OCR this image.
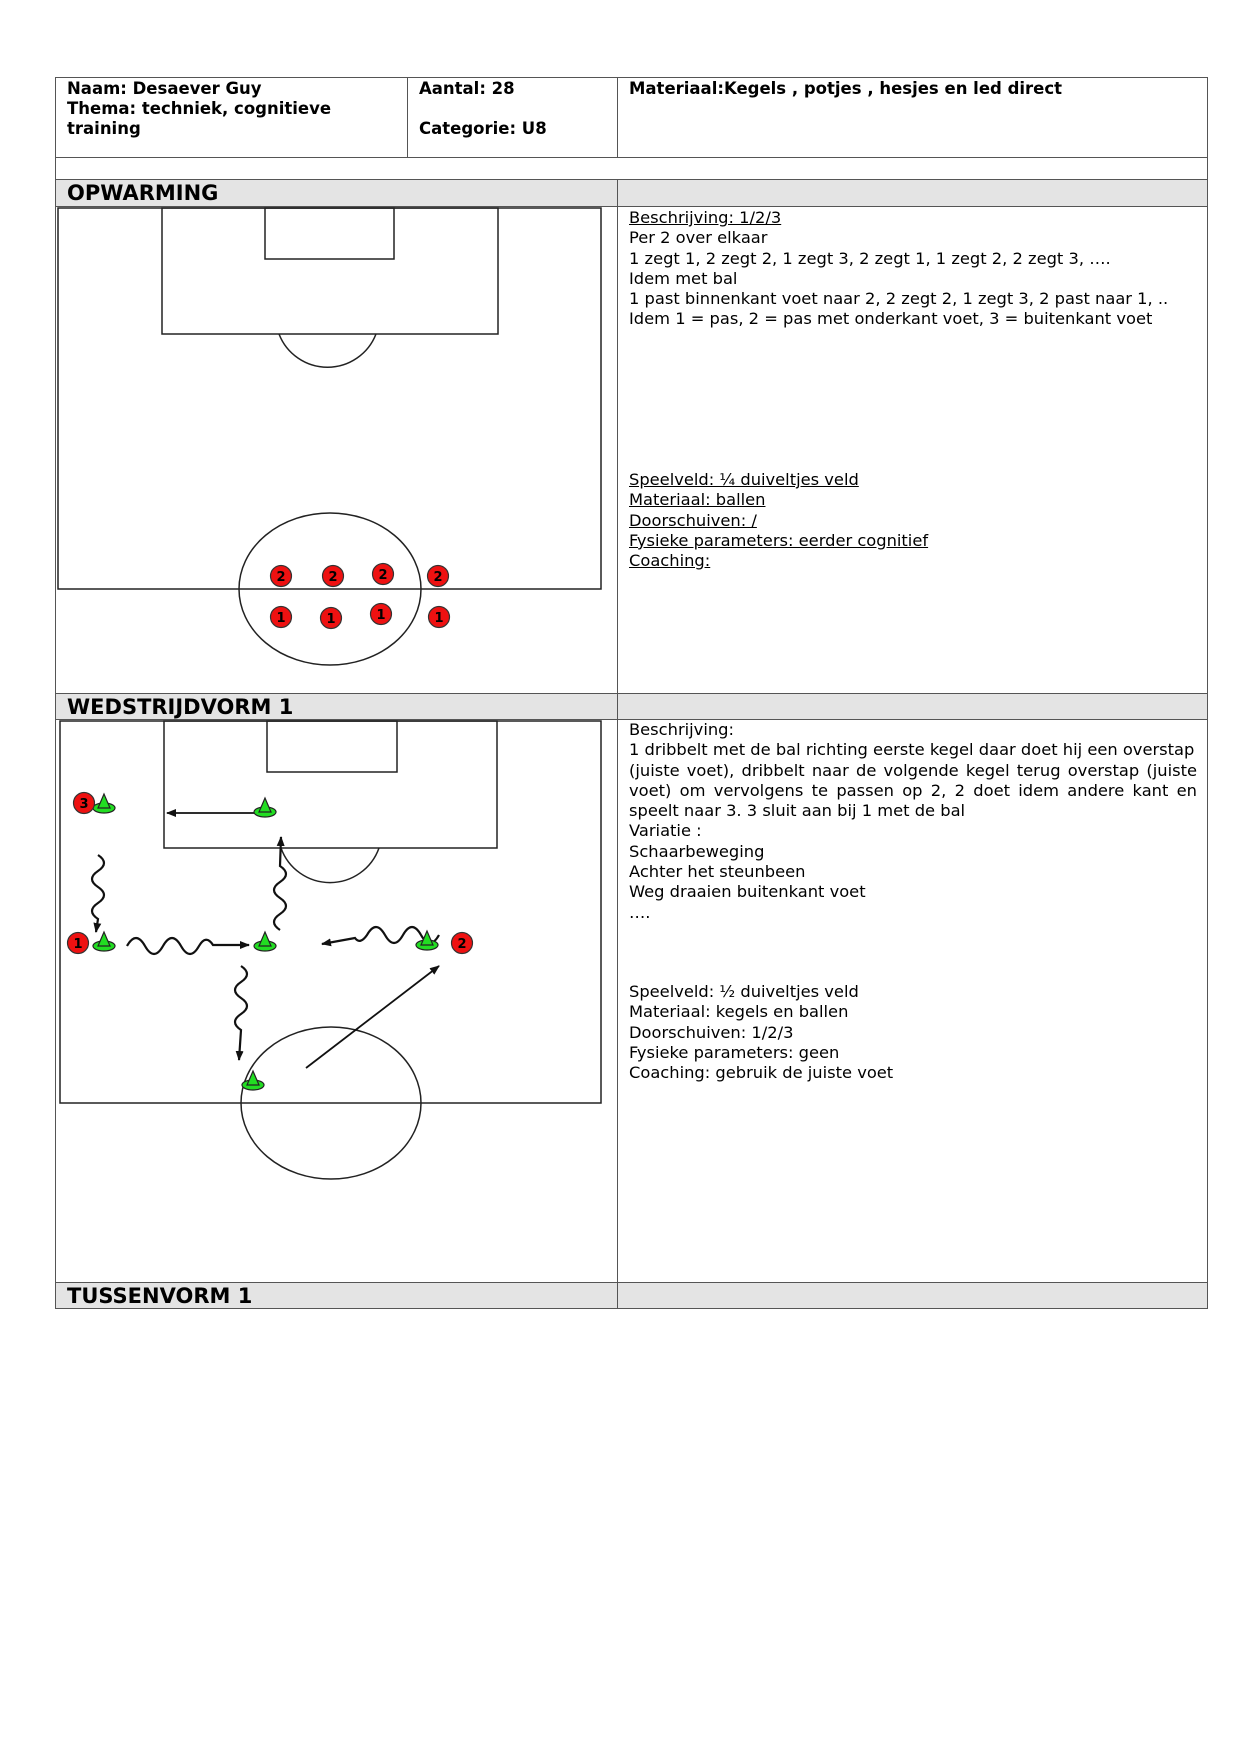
Naam: Desaever Guy
Thema: techniek, cognitieve training
Aantal: 28
Categorie: U8
Materiaal:Kegels , potjes , hesjes en led direct
OPWARMING
2	2	2	2
1	1	1	1
Beschrijving: 1/2/3
Per 2 over elkaar
1 zegt 1, 2 zegt 2, 1 zegt 3, 2 zegt 1, 1 zegt 2, 2 zegt 3, ….
Idem met bal
1 past binnenkant voet naar 2, 2 zegt 2, 1 zegt 3, 2 past naar 1, ..
Idem 1 = pas, 2 = pas met onderkant voet, 3 = buitenkant voet
Speelveld: ¼ duiveltjes veld
Materiaal: ballen
Doorschuiven: /
Fysieke parameters: eerder cognitief
Coaching:
WEDSTRIJDVORM 1
3
1	2
Beschrijving:
1 dribbelt met de bal richting eerste kegel daar doet hij een overstap
(juiste voet), dribbelt naar de volgende kegel terug overstap (juiste
voet) om vervolgens te passen op 2, 2 doet idem andere kant en
speelt naar 3. 3 sluit aan bij 1 met de bal
Variatie :
Schaarbeweging
Achter het steunbeen
Weg draaien buitenkant voet
….
Speelveld: ½ duiveltjes veld
Materiaal: kegels en ballen
Doorschuiven: 1/2/3
Fysieke parameters: geen
Coaching: gebruik de juiste voet
TUSSENVORM 1
